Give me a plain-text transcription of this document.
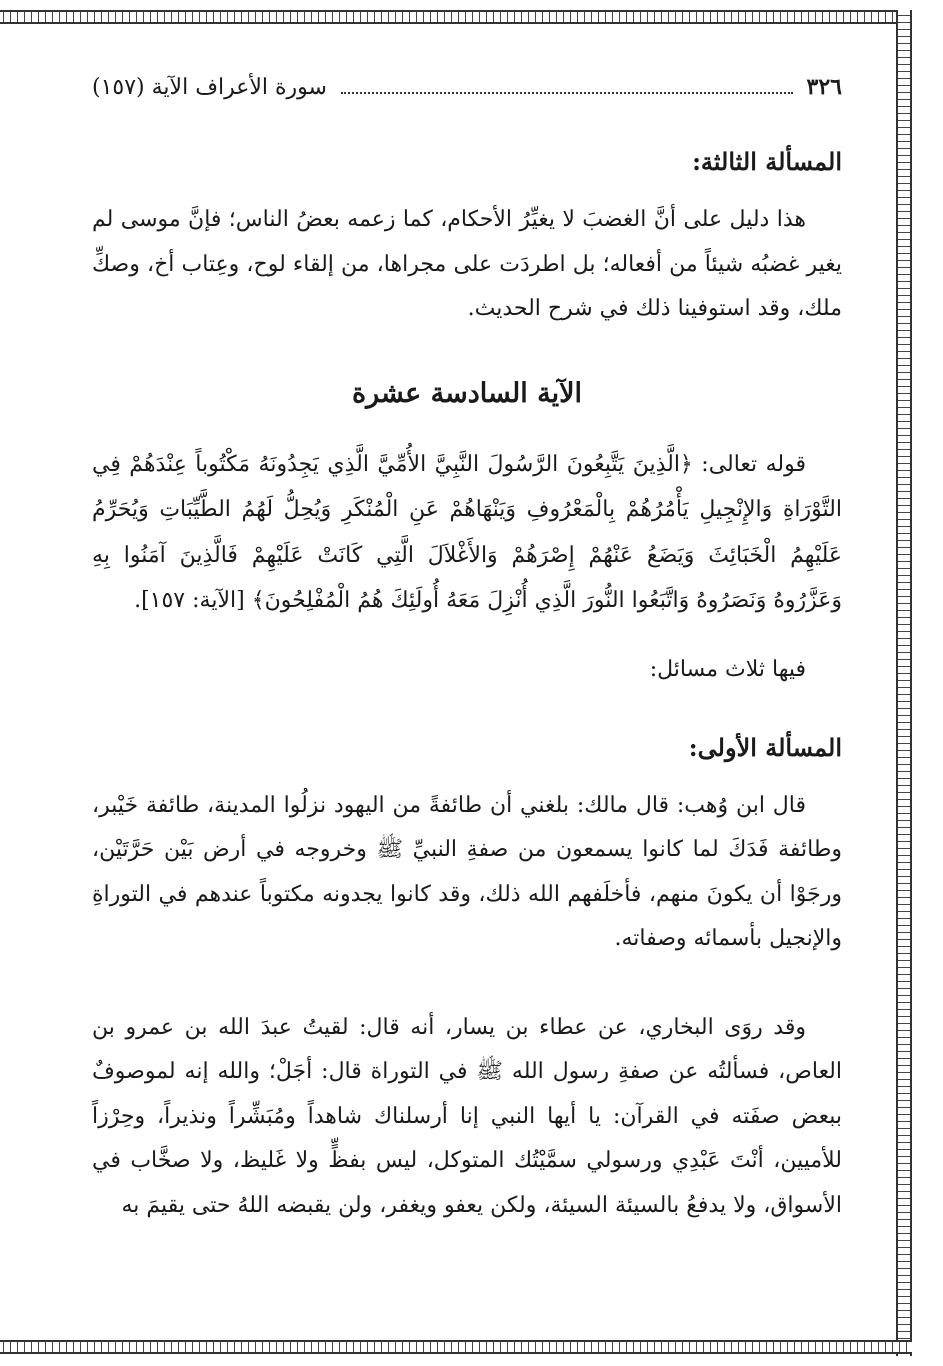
٣٢٦
سورة الأعراف الآية (١٥٧)
المسألة الثالثة:

هذا دليل على أنَّ الغضبَ لا يغيِّرُ الأحكام، كما زعمه بعضُ الناس؛ فإنَّ موسى لم يغير غضبُه شيئاً من أفعاله؛ بل اطردَت على مجراها، من إلقاء لوح، وعِتاب أخ، وصكِّ ملك، وقد استوفينا ذلك في شرح الحديث.

الآية السادسة عشرة

قوله تعالى: ﴿الَّذِينَ يَتَّبِعُونَ الرَّسُولَ النَّبِيَّ الأُمِّيَّ الَّذِي يَجِدُونَهُ مَكْتُوباً عِنْدَهُمْ فِي التَّوْرَاةِ وَالإِنْجِيلِ يَأْمُرُهُمْ بِالْمَعْرُوفِ وَيَنْهَاهُمْ عَنِ الْمُنْكَرِ وَيُحِلُّ لَهُمُ الطَّيِّبَاتِ وَيُحَرِّمُ عَلَيْهِمُ الْخَبَائِثَ وَيَضَعُ عَنْهُمْ إِصْرَهُمْ وَالأَغْلاَلَ الَّتِي كَانَتْ عَلَيْهِمْ فَالَّذِينَ آمَنُوا بِهِ وَعَزَّرُوهُ وَنَصَرُوهُ وَاتَّبَعُوا النُّورَ الَّذِي أُنْزِلَ مَعَهُ أُولَئِكَ هُمُ الْمُفْلِحُونَ﴾ [الآية: ١٥٧].

فيها ثلاث مسائل:

المسألة الأولى:

قال ابن وُهب: قال مالك: بلغني أن طائفةً من اليهود نزلُوا المدينة، طائفة خَيْبر، وطائفة فَدَكَ لما كانوا يسمعون من صفةِ النبيِّ ﷺ وخروجه في أرض بَيْن حَرَّتَيْن، ورجَوْا أن يكونَ منهم، فأخلَفهم الله ذلك، وقد كانوا يجدونه مكتوباً عندهم في التوراةِ والإنجيل بأسمائه وصفاته.

وقد روَى البخاري، عن عطاء بن يسار، أنه قال: لقيتُ عبدَ الله بن عمرو بن العاص، فسألتُه عن صفةِ رسول الله ﷺ في التوراة قال: أجَلْ؛ والله إنه لموصوفٌ ببعض صفَته في القرآن: يا أيها النبي إنا أرسلناك شاهداً ومُبَشِّراً ونذيراً، وحِرْزاً للأميين، أنْتَ عَبْدِي ورسولي سمَّيْتُك المتوكل، ليس بفظٍّ ولا غَليظ، ولا صخَّاب في الأسواق، ولا يدفعُ بالسيئة السيئة، ولكن يعفو ويغفر، ولن يقبضه اللهُ حتى يقيمَ به
